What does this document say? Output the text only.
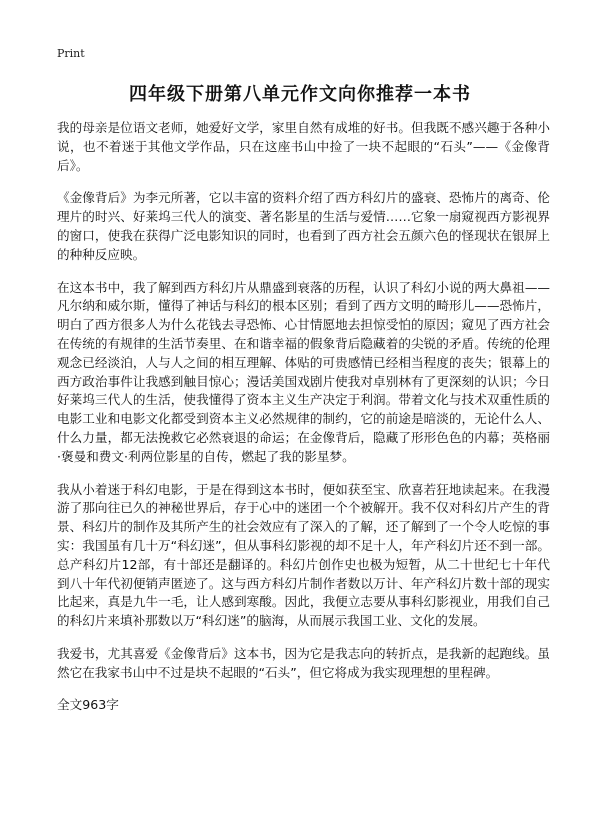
Print
四年级下册第八单元作文向你推荐一本书

我的母亲是位语文老师，她爱好文学，家里自然有成堆的好书。但我既不感兴趣于各种小说，也不着迷于其他文学作品，只在这座书山中捡了一块不起眼的“石头”——《金像背后》。

《金像背后》为李元所著，它以丰富的资料介绍了西方科幻片的盛衰、恐怖片的离奇、伦理片的时兴、好莱坞三代人的演变、著名影星的生活与爱情……它象一扇窥视西方影视界的窗口，使我在获得广泛电影知识的同时，也看到了西方社会五颜六色的怪现状在银屏上的种种反应映。

在这本书中，我了解到西方科幻片从鼎盛到衰落的历程，认识了科幻小说的两大鼻祖——凡尔纳和威尔斯，懂得了神话与科幻的根本区别；看到了西方文明的畸形儿——恐怖片，明白了西方很多人为什么花钱去寻恐怖、心甘情愿地去担惊受怕的原因；窥见了西方社会在传统的有规律的生活节奏里、在和谐幸福的假象背后隐藏着的尖锐的矛盾。传统的伦理观念已经淡泊，人与人之间的相互理解、体贴的可贵感情已经相当程度的丧失；银幕上的西方政治事件让我感到触目惊心；漫话美国戏剧片使我对卓别林有了更深刻的认识；今日好莱坞三代人的生活，使我懂得了资本主义生产决定于利润。带着文化与技术双重性质的电影工业和电影文化都受到资本主义必然规律的制约，它的前途是暗淡的，无论什么人、什么力量，都无法挽救它必然衰退的命运；在金像背后，隐藏了形形色色的内幕；英格丽·褒曼和费文·利两位影星的自传，燃起了我的影星梦。

我从小着迷于科幻电影，于是在得到这本书时，便如获至宝、欣喜若狂地读起来。在我漫游了那向往已久的神秘世界后，存于心中的迷团一个个被解开。我不仅对科幻片产生的背景、科幻片的制作及其所产生的社会效应有了深入的了解，还了解到了一个令人吃惊的事实：我国虽有几十万“科幻迷”，但从事科幻影视的却不足十人，年产科幻片还不到一部。总产科幻片12部，有十部还是翻译的。科幻片创作史也极为短暂，从二十世纪七十年代到八十年代初便销声匿迹了。这与西方科幻片制作者数以万计、年产科幻片数十部的现实比起来，真是九牛一毛，让人感到寒酸。因此，我便立志要从事科幻影视业，用我们自己的科幻片来填补那数以万“科幻迷”的脑海，从而展示我国工业、文化的发展。

我爱书，尤其喜爱《金像背后》这本书，因为它是我志向的转折点，是我新的起跑线。虽然它在我家书山中不过是块不起眼的“石头”，但它将成为我实现理想的里程碑。

全文963字
